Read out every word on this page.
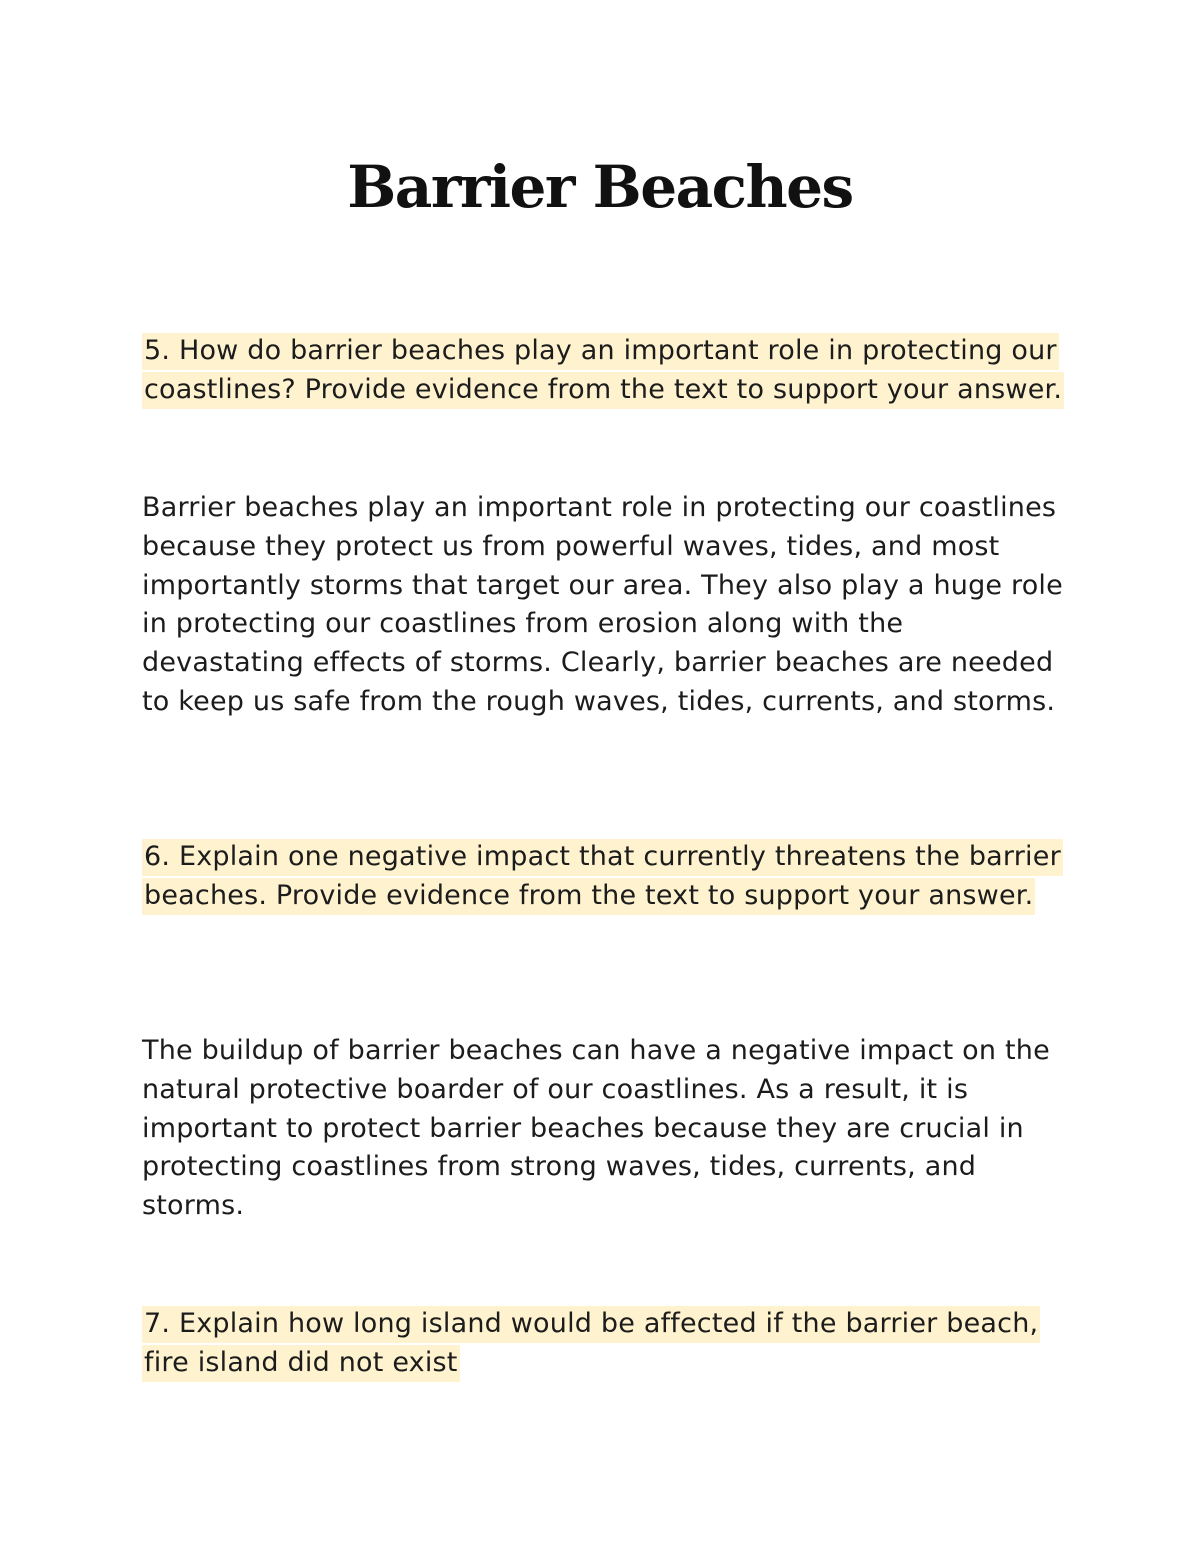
Barrier Beaches

5. How do barrier beaches play an important role in protecting our coastlines? Provide evidence from the text to support your answer.

Barrier beaches play an important role in protecting our coastlines because they protect us from powerful waves, tides, and most importantly storms that target our area. They also play a huge role in protecting our coastlines from erosion along with the devastating effects of storms. Clearly, barrier beaches are needed to keep us safe from the rough waves, tides, currents, and storms.

6. Explain one negative impact that currently threatens the barrier beaches. Provide evidence from the text to support your answer.

The buildup of barrier beaches can have a negative impact on the natural protective boarder of our coastlines. As a result, it is important to protect barrier beaches because they are crucial in protecting coastlines from strong waves, tides, currents, and storms.

7. Explain how long island would be affected if the barrier beach, fire island did not exist
